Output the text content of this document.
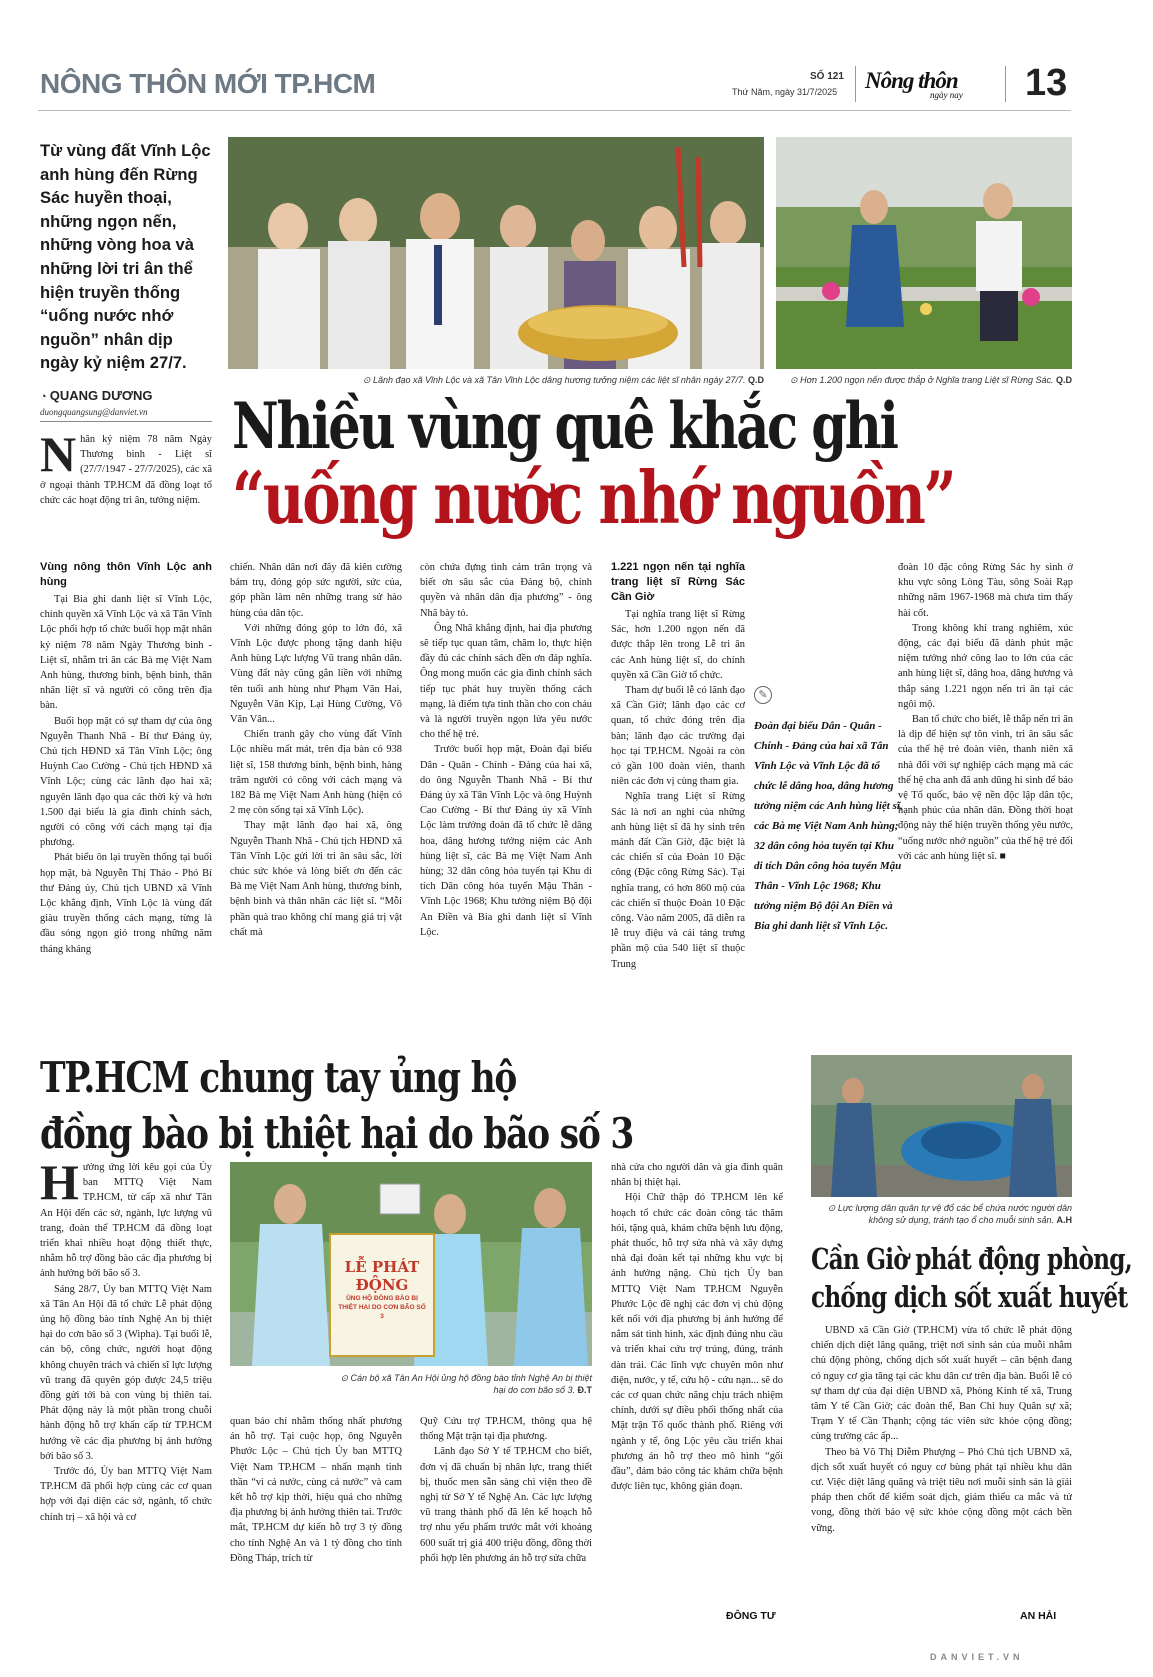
NÔNG THÔN MỚI TP.HCM	SỐ 121
Thứ Năm, ngày 31/7/2025 Nông thôn
ngày nay 13
⊙ Lãnh đạo xã Vĩnh Lộc và xã Tân Vĩnh Lộc dâng hương tưởng niệm các liệt sĩ nhân ngày 27/7. Q.D	⊙ Hơn 1.200 ngọn nến được thắp ở Nghĩa trang Liệt sĩ Rừng Sác. Q.D
Từ vùng đất Vĩnh Lộc anh hùng đến Rừng Sác huyền thoại, những ngọn nến, những vòng hoa và những lời tri ân thể hiện truyền thống “uống nước nhớ nguồn” nhân dịp ngày kỷ niệm 27/7.
◔ QUANG DƯƠNG
duongquangsung@danviet.vn Nhiều vùng quê khắc ghi
“uống nước nhớ nguồn”
N hân kỷ niệm 78 năm Ngày Thương binh - Liệt sĩ (27/7/1947 - 27/7/2025), các xã ở ngoại thành TP.HCM đã đồng loạt tổ chức các hoạt động tri ân, tưởng niệm.
Vùng nông thôn Vĩnh Lộc anh hùng

Tại Bia ghi danh liệt sĩ Vĩnh Lộc, chính quyền xã Vĩnh Lộc và xã Tân Vĩnh Lộc phối hợp tổ chức buổi họp mặt nhân kỷ niệm 78 năm Ngày Thương binh - Liệt sĩ, nhằm tri ân các Bà mẹ Việt Nam Anh hùng, thương binh, bệnh binh, thân nhân liệt sĩ và người có công trên địa bàn.

Buổi họp mặt có sự tham dự của ông Nguyễn Thanh Nhã - Bí thư Đảng ủy, Chủ tịch HĐND xã Tân Vĩnh Lộc; ông Huỳnh Cao Cường - Chủ tịch HĐND xã Vĩnh Lộc; cùng các lãnh đạo hai xã; nguyên lãnh đạo qua các thời kỳ và hơn 1.500 đại biểu là gia đình chính sách, người có công với cách mạng tại địa phương.

Phát biểu ôn lại truyền thống tại buổi họp mặt, bà Nguyễn Thị Thảo - Phó Bí thư Đảng ủy, Chủ tịch UBND xã Vĩnh Lộc khẳng định, Vĩnh Lộc là vùng đất giàu truyền thống cách mạng, từng là đầu sóng ngọn gió trong những năm tháng kháng

chiến. Nhân dân nơi đây đã kiên cường bám trụ, đóng góp sức người, sức của, góp phần làm nên những trang sử hào hùng của dân tộc.

Với những đóng góp to lớn đó, xã Vĩnh Lộc được phong tặng danh hiệu Anh hùng Lực lượng Vũ trang nhân dân. Vùng đất này cũng gắn liền với những tên tuổi anh hùng như Phạm Văn Hai, Nguyễn Văn Kịp, Lại Hùng Cường, Võ Văn Vân...

Chiến tranh gây cho vùng đất Vĩnh Lộc nhiều mất mát, trên địa bàn có 938 liệt sĩ, 158 thương binh, bệnh binh, hàng trăm người có công với cách mạng và 182 Bà mẹ Việt Nam Anh hùng (hiện có 2 mẹ còn sống tại xã Vĩnh Lộc).

Thay mặt lãnh đạo hai xã, ông Nguyễn Thanh Nhã - Chủ tịch HĐND xã Tân Vĩnh Lộc gửi lời tri ân sâu sắc, lời chúc sức khỏe và lòng biết ơn đến các Bà mẹ Việt Nam Anh hùng, thương binh, bệnh binh và thân nhân các liệt sĩ. “Mỗi phần quà trao không chỉ mang giá trị vật chất mà

còn chứa đựng tình cảm trân trọng và biết ơn sâu sắc của Đảng bộ, chính quyền và nhân dân địa phương” - ông Nhã bày tỏ.

Ông Nhã khẳng định, hai địa phương sẽ tiếp tục quan tâm, chăm lo, thực hiện đầy đủ các chính sách đền ơn đáp nghĩa. Ông mong muốn các gia đình chính sách tiếp tục phát huy truyền thống cách mạng, là điểm tựa tinh thần cho con cháu và là người truyền ngọn lửa yêu nước cho thế hệ trẻ.

Trước buổi họp mặt, Đoàn đại biểu Dân - Quân - Chính - Đảng của hai xã, do ông Nguyễn Thanh Nhã - Bí thư Đảng ủy xã Tân Vĩnh Lộc và ông Huỳnh Cao Cường - Bí thư Đảng ủy xã Vĩnh Lộc làm trưởng đoàn đã tổ chức lễ dâng hoa, dâng hương tưởng niệm các Anh hùng liệt sĩ, các Bà mẹ Việt Nam Anh hùng; 32 dân công hỏa tuyến tại Khu di tích Dân công hỏa tuyến Mậu Thân - Vĩnh Lộc 1968; Khu tưởng niệm Bộ đội An Điền và Bia ghi danh liệt sĩ Vĩnh Lộc.

1.221 ngọn nến tại nghĩa trang liệt sĩ Rừng Sác Cần Giờ

Tại nghĩa trang liệt sĩ Rừng Sác, hơn 1.200 ngọn nến đã được thắp lên trong Lễ tri ân các Anh hùng liệt sĩ, do chính quyền xã Cần Giờ tổ chức.

Tham dự buổi lễ có lãnh đạo xã Cần Giờ; lãnh đạo các cơ quan, tổ chức đóng trên địa bàn; lãnh đạo các trường đại học tại TP.HCM. Ngoài ra còn có gần 100 đoàn viên, thanh niên các đơn vị cùng tham gia.

Nghĩa trang Liệt sĩ Rừng Sác là nơi an nghỉ của những anh hùng liệt sĩ đã hy sinh trên mảnh đất Cần Giờ, đặc biệt là các chiến sĩ của Đoàn 10 Đặc công (Đặc công Rừng Sác). Tại nghĩa trang, có hơn 860 mộ của các chiến sĩ thuộc Đoàn 10 Đặc công. Vào năm 2005, đã diễn ra lễ truy điệu và cải táng trưng phần mộ của 540 liệt sĩ thuộc Trung

✎
Đoàn đại biểu Dân - Quân - Chính - Đảng của hai xã Tân Vĩnh Lộc và Vĩnh Lộc đã tổ chức lễ dâng hoa, dâng hương tưởng niệm các Anh hùng liệt sĩ, các Bà mẹ Việt Nam Anh hùng; 32 dân công hỏa tuyến tại Khu di tích Dân công hỏa tuyến Mậu Thân - Vĩnh Lộc 1968; Khu tưởng niệm Bộ đội An Điền và Bia ghi danh liệt sĩ Vĩnh Lộc.

đoàn 10 đặc công Rừng Sác hy sinh ở khu vực sông Lòng Tàu, sông Soài Rạp những năm 1967-1968 mà chưa tìm thấy hài cốt.

Trong không khí trang nghiêm, xúc động, các đại biểu đã dành phút mặc niệm tưởng nhớ công lao to lớn của các anh hùng liệt sĩ, dâng hoa, dâng hương và thắp sáng 1.221 ngọn nến tri ân tại các ngôi mộ.

Ban tổ chức cho biết, lễ thắp nến tri ân là dịp để hiện sự tôn vinh, tri ân sâu sắc của thế hệ trẻ đoàn viên, thanh niên xã nhà đối với sự nghiệp cách mạng mà các thế hệ cha anh đã anh dũng hi sinh để bảo vệ Tổ quốc, bảo vệ nền độc lập dân tộc, hạnh phúc của nhân dân. Đồng thời hoạt động này thể hiện truyền thống yêu nước, “uống nước nhớ nguồn” của thế hệ trẻ đối với các anh hùng liệt sĩ. ■

TP.HCM chung tay ủng hộ
đồng bào bị thiệt hại do bão số 3
H ưởng ứng lời kêu gọi của Ủy ban MTTQ Việt Nam TP.HCM, từ cấp xã như Tân An Hội đến các sở, ngành, lực lượng vũ trang, đoàn thể TP.HCM đã đồng loạt triển khai nhiều hoạt động thiết thực, nhằm hỗ trợ đồng bào các địa phương bị ảnh hưởng bởi bão số 3.

Sáng 28/7, Ủy ban MTTQ Việt Nam xã Tân An Hội đã tổ chức Lễ phát động ủng hộ đồng bào tỉnh Nghệ An bị thiệt hại do cơn bão số 3 (Wipha). Tại buổi lễ, cán bộ, công chức, người hoạt động không chuyên trách và chiến sĩ lực lượng vũ trang đã quyên góp được 24,5 triệu đồng gửi tới bà con vùng bị thiên tai. Phát động này là một phần trong chuỗi hành động hỗ trợ khẩn cấp từ TP.HCM hướng về các địa phương bị ảnh hưởng bởi bão số 3.

Trước đó, Ủy ban MTTQ Việt Nam TP.HCM đã phối hợp cùng các cơ quan hợp với đại diện các sở, ngành, tổ chức chính trị – xã hội và cơ

LỄ PHÁT ĐỘNG
ỦNG HỘ ĐỒNG BÀO BỊ THIỆT HẠI DO CƠN BÃO SỐ 3
⊙ Cán bộ xã Tân An Hội ủng hộ đồng bào tỉnh Nghệ An bị thiệt hại do cơn bão số 3. Đ.T

quan báo chí nhằm thống nhất phương án hỗ trợ. Tại cuộc họp, ông Nguyễn Phước Lộc – Chủ tịch Ủy ban MTTQ Việt Nam TP.HCM – nhấn mạnh tinh thần “vì cả nước, cùng cả nước” và cam kết hỗ trợ kịp thời, hiệu quả cho những địa phương bị ảnh hưởng thiên tai. Trước mắt, TP.HCM dự kiến hỗ trợ 3 tỷ đồng cho tỉnh Nghệ An và 1 tỷ đồng cho tỉnh Đồng Tháp, trích từ

Quỹ Cứu trợ TP.HCM, thông qua hệ thống Mặt trận tại địa phương.

Lãnh đạo Sở Y tế TP.HCM cho biết, đơn vị đã chuẩn bị nhân lực, trang thiết bị, thuốc men sẵn sàng chi viện theo đề nghị từ Sở Y tế Nghệ An. Các lực lượng vũ trang thành phố đã lên kế hoạch hỗ trợ nhu yếu phẩm trước mắt với khoảng 600 suất trị giá 400 triệu đồng, đồng thời phối hợp lên phương án hỗ trợ sửa chữa

nhà cửa cho người dân và gia đình quân nhân bị thiệt hại.

Hội Chữ thập đỏ TP.HCM lên kế hoạch tổ chức các đoàn công tác thăm hỏi, tặng quà, khám chữa bệnh lưu động, phát thuốc, hỗ trợ sửa nhà và xây dựng nhà đại đoàn kết tại những khu vực bị ảnh hưởng nặng. Chủ tịch Ủy ban MTTQ Việt Nam TP.HCM Nguyễn Phước Lộc đề nghị các đơn vị chủ động kết nối với địa phương bị ảnh hưởng để nắm sát tình hình, xác định đúng nhu cầu và triển khai cứu trợ trúng, đúng, tránh dàn trải. Các lĩnh vực chuyên môn như điện, nước, y tế, cứu hộ - cứu nạn... sẽ do các cơ quan chức năng chịu trách nhiệm chính, dưới sự điều phối thống nhất của Mặt trận Tổ quốc thành phố. Riêng với ngành y tế, ông Lộc yêu cầu triển khai phương án hỗ trợ theo mô hình “gối đầu”, đảm bảo công tác khám chữa bệnh được liên tục, không gián đoạn.

ĐÔNG TƯ
⊙ Lực lượng dân quân tự vệ đổ các bể chứa nước người dân không sử dụng, tránh tạo ổ cho muỗi sinh sản. A.H
Cần Giờ phát động phòng,
chống dịch sốt xuất huyết

UBND xã Cần Giờ (TP.HCM) vừa tổ chức lễ phát động chiến dịch diệt lăng quăng, triệt nơi sinh sản của muỗi nhằm chủ động phòng, chống dịch sốt xuất huyết – căn bệnh đang có nguy cơ gia tăng tại các khu dân cư trên địa bàn. Buổi lễ có sự tham dự của đại diện UBND xã, Phòng Kinh tế xã, Trung tâm Y tế Cần Giờ; các đoàn thể, Ban Chỉ huy Quân sự xã; Trạm Y tế Cần Thạnh; cộng tác viên sức khỏe cộng đồng; cùng trường các ấp...

Theo bà Võ Thị Diễm Phượng – Phó Chủ tịch UBND xã, dịch sốt xuất huyết có nguy cơ bùng phát tại nhiều khu dân cư. Việc diệt lăng quăng và triệt tiêu nơi muỗi sinh sản là giải pháp then chốt để kiểm soát dịch, giảm thiểu ca mắc và tử vong, đồng thời bảo vệ sức khỏe cộng đồng một cách bền vững.

AN HẢI
DANVIET.VN
